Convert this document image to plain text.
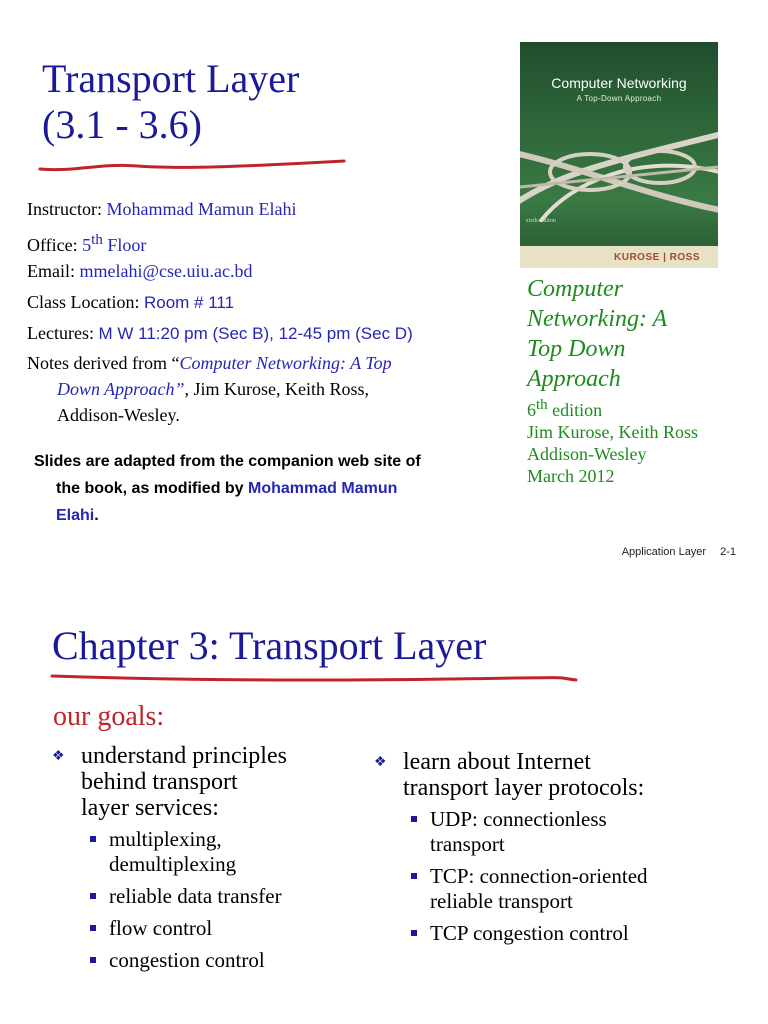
Transport Layer
(3.1 - 3.6)
Instructor: Mohammad Mamun Elahi
Office: 5th Floor
Email: mmelahi@cse.uiu.ac.bd
Class Location: Room # 111
Lectures: M W 11:20 pm (Sec B), 12-45 pm (Sec D)
Notes derived from “Computer Networking: A Top
Down Approach”, Jim Kurose, Keith Ross,
Addison-Wesley.
Slides are adapted from the companion web site of
the book, as modified by Mohammad Mamun
Elahi.
Computer Networking
A Top-Down Approach
sixth edition
KUROSE | ROSS
Computer
Networking: A
Top Down
Approach
6th edition
Jim Kurose, Keith Ross
Addison-Wesley
March 2012
Application Layer 2-1
Chapter 3: Transport Layer
our goals:
❖ understand principles
behind transport
layer services:
multiplexing,
demultiplexing
reliable data transfer
flow control
congestion control
❖ learn about Internet
transport layer protocols:
UDP: connectionless
transport
TCP: connection-oriented
reliable transport
TCP congestion control
